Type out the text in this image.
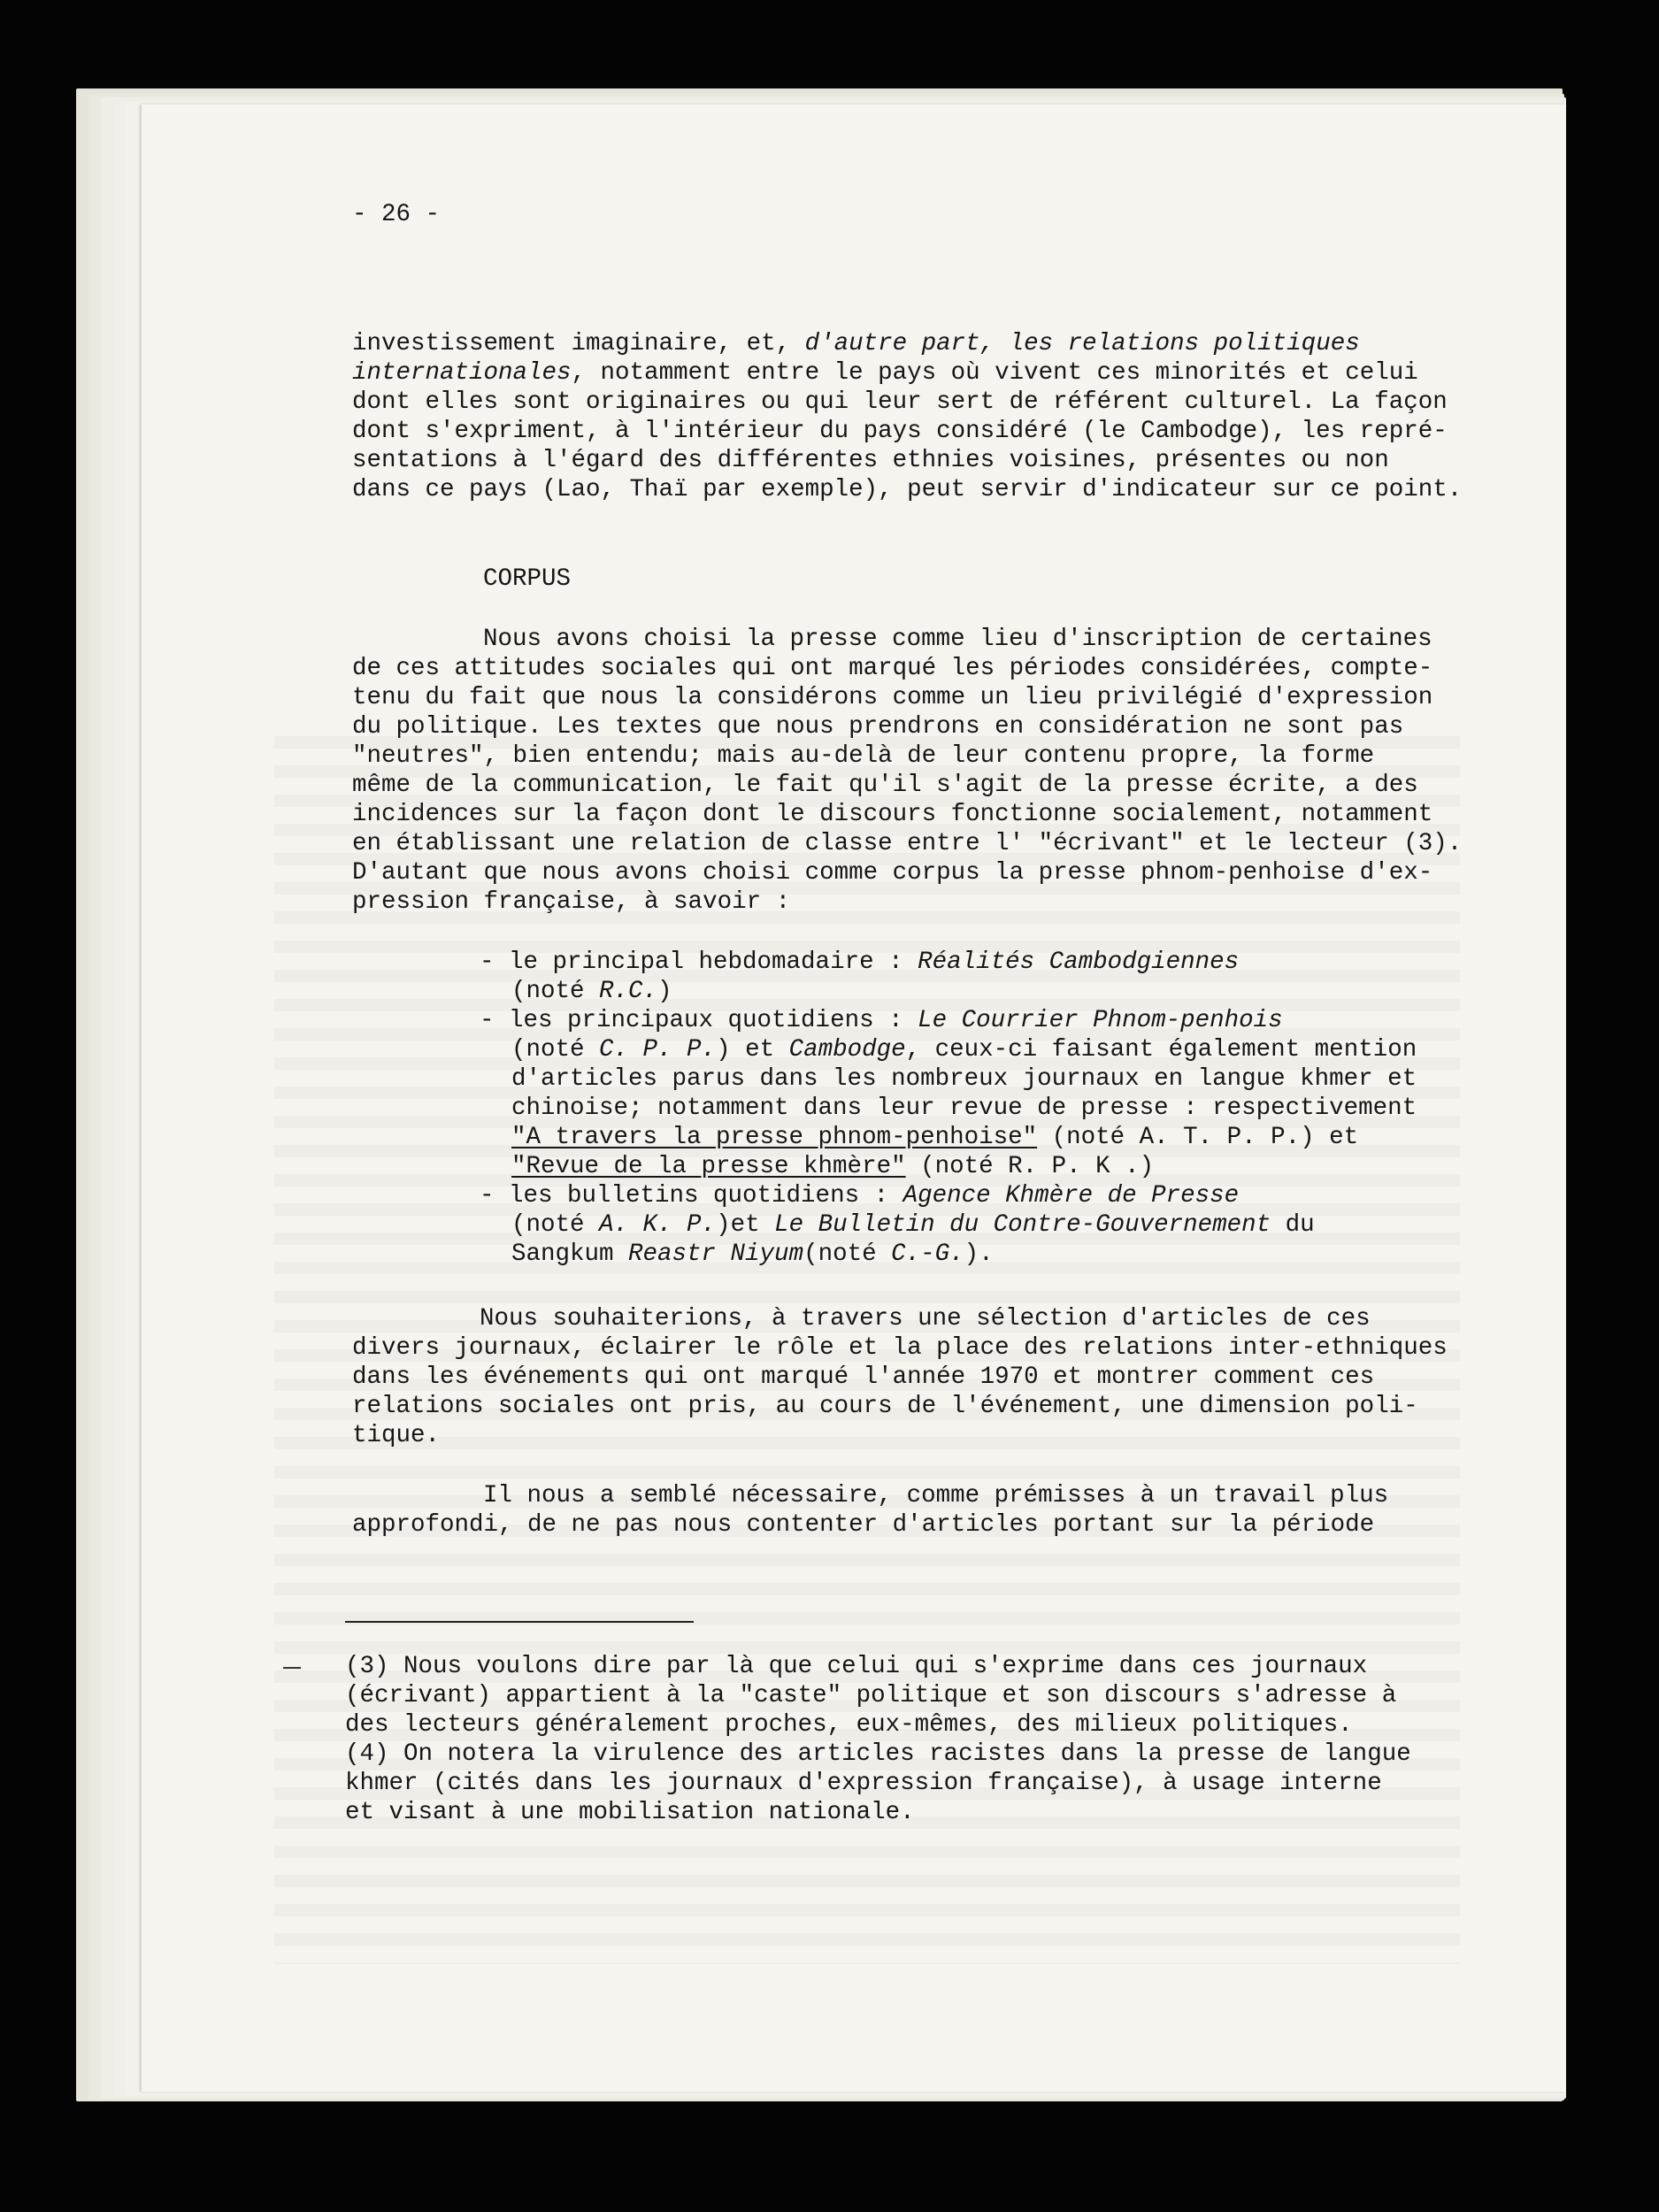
- 26 -
investissement imaginaire, et, d'autre part, les relations politiques
internationales, notamment entre le pays où vivent ces minorités et celui
dont elles sont originaires ou qui leur sert de référent culturel. La façon
dont s'expriment, à l'intérieur du pays considéré (le Cambodge), les repré-
sentations à l'égard des différentes ethnies voisines, présentes ou non
dans ce pays (Lao, Thaï par exemple), peut servir d'indicateur sur ce point.
CORPUS
Nous avons choisi la presse comme lieu d'inscription de certaines
de ces attitudes sociales qui ont marqué les périodes considérées, compte-
tenu du fait que nous la considérons comme un lieu privilégié d'expression
du politique. Les textes que nous prendrons en considération ne sont pas
"neutres", bien entendu; mais au-delà de leur contenu propre, la forme
même de la communication, le fait qu'il s'agit de la presse écrite, a des
incidences sur la façon dont le discours fonctionne socialement, notamment
en établissant une relation de classe entre l' "écrivant" et le lecteur (3).
D'autant que nous avons choisi comme corpus la presse phnom-penhoise d'ex-
pression française, à savoir :
- le principal hebdomadaire : Réalités Cambodgiennes
(noté R.C.)
- les principaux quotidiens : Le Courrier Phnom-penhois
(noté C. P. P.) et Cambodge, ceux-ci faisant également mention
d'articles parus dans les nombreux journaux en langue khmer et
chinoise; notamment dans leur revue de presse : respectivement
"A travers la presse phnom-penhoise" (noté A. T. P. P.) et
"Revue de la presse khmère" (noté R. P. K .)
- les bulletins quotidiens : Agence Khmère de Presse
(noté A. K. P.)et Le Bulletin du Contre-Gouvernement du
Sangkum Reastr Niyum(noté C.-G.).
Nous souhaiterions, à travers une sélection d'articles de ces
divers journaux, éclairer le rôle et la place des relations inter-ethniques
dans les événements qui ont marqué l'année 1970 et montrer comment ces
relations sociales ont pris, au cours de l'événement, une dimension poli-
tique.
Il nous a semblé nécessaire, comme prémisses à un travail plus
approfondi, de ne pas nous contenter d'articles portant sur la période
(3) Nous voulons dire par là que celui qui s'exprime dans ces journaux
(écrivant) appartient à la "caste" politique et son discours s'adresse à
des lecteurs généralement proches, eux-mêmes, des milieux politiques.
(4) On notera la virulence des articles racistes dans la presse de langue
khmer (cités dans les journaux d'expression française), à usage interne
et visant à une mobilisation nationale.
